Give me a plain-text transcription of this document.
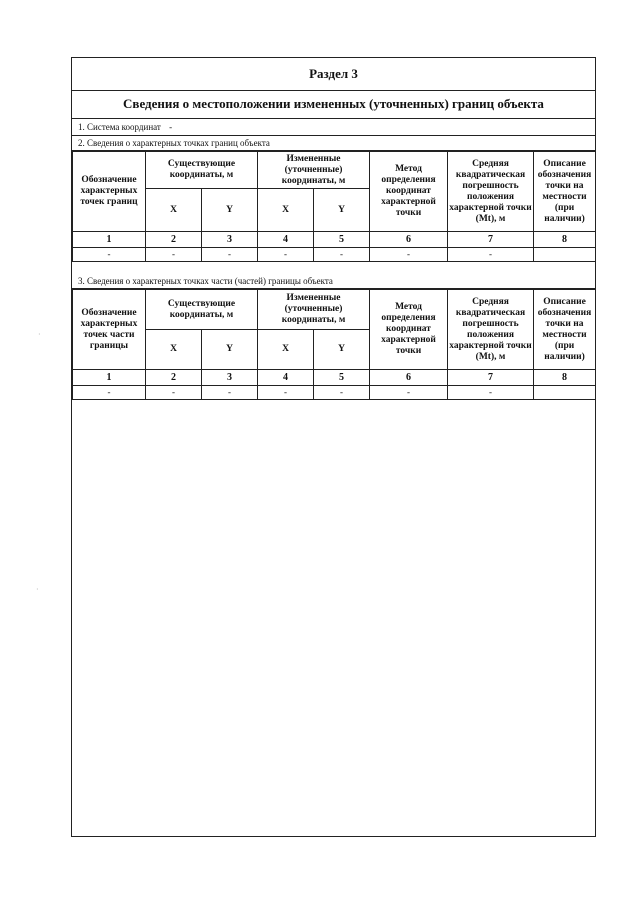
Раздел 3
Сведения о местоположении измененных (уточненных) границ объекта
1. Система координат -
2. Сведения о характерных точках границ объекта
Обозначение характерных точек границ	Существующие координаты, м		Измененные (уточненные) координаты, м		Метод определения координат характерной точки	Средняя квадратическая погрешность положения характерной точки (Mt), м	Описание обозначения точки на местности (при наличии)
	X	Y	X	Y			
1	2	3	4	5	6	7	8
-	-	-	-	-	-	-	
3. Сведения о характерных точках части (частей) границы объекта
Обозначение характерных точек части границы	Существующие координаты, м		Измененные (уточненные) координаты, м		Метод определения координат характерной точки	Средняя квадратическая погрешность положения характерной точки (Mt), м	Описание обозначения точки на местности (при наличии)
	X	Y	X	Y			
1	2	3	4	5	6	7	8
-	-	-	-	-	-	-	
·
·
